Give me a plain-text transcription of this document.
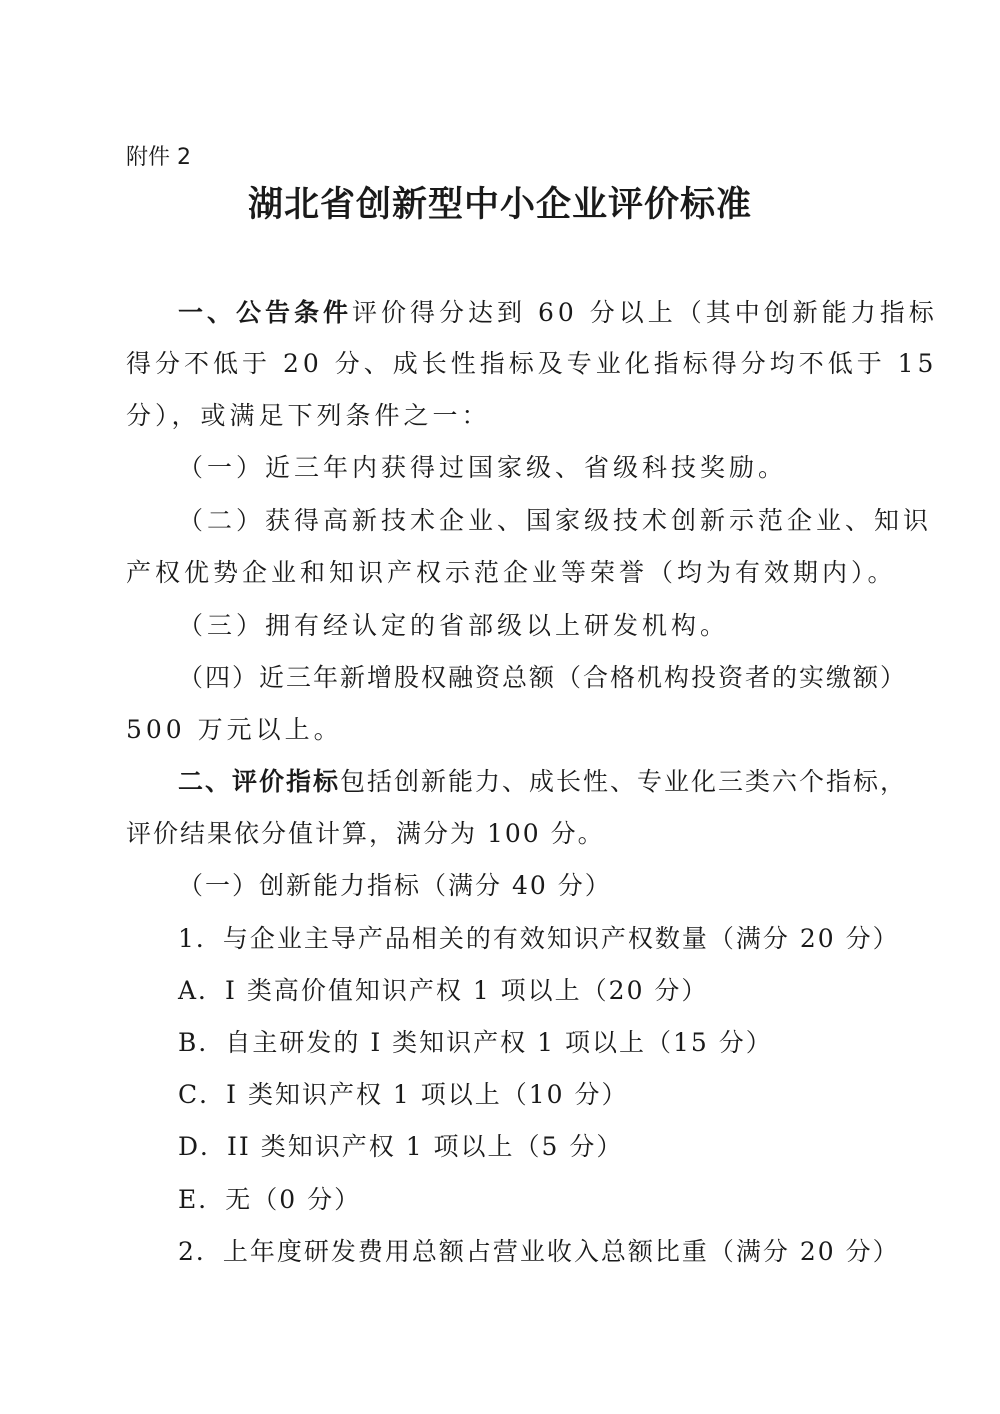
附件 2
湖北省创新型中小企业评价标准
一、公告条件评价得分达到 60 分以上（其中创新能力指标
得分不低于 20 分、成长性指标及专业化指标得分均不低于 15
分），或满足下列条件之一：
（一）近三年内获得过国家级、省级科技奖励。
（二）获得高新技术企业、国家级技术创新示范企业、知识
产权优势企业和知识产权示范企业等荣誉（均为有效期内）。
（三）拥有经认定的省部级以上研发机构。
（四）近三年新增股权融资总额（合格机构投资者的实缴额）
500 万元以上。
二、评价指标包括创新能力、成长性、专业化三类六个指标，
评价结果依分值计算，满分为 100 分。
（一）创新能力指标（满分 40 分）
1．与企业主导产品相关的有效知识产权数量（满分 20 分）
A．I 类高价值知识产权 1 项以上（20 分）
B．自主研发的 I 类知识产权 1 项以上（15 分）
C．I 类知识产权 1 项以上（10 分）
D．II 类知识产权 1 项以上（5 分）
E．无（0 分）
2．上年度研发费用总额占营业收入总额比重（满分 20 分）
